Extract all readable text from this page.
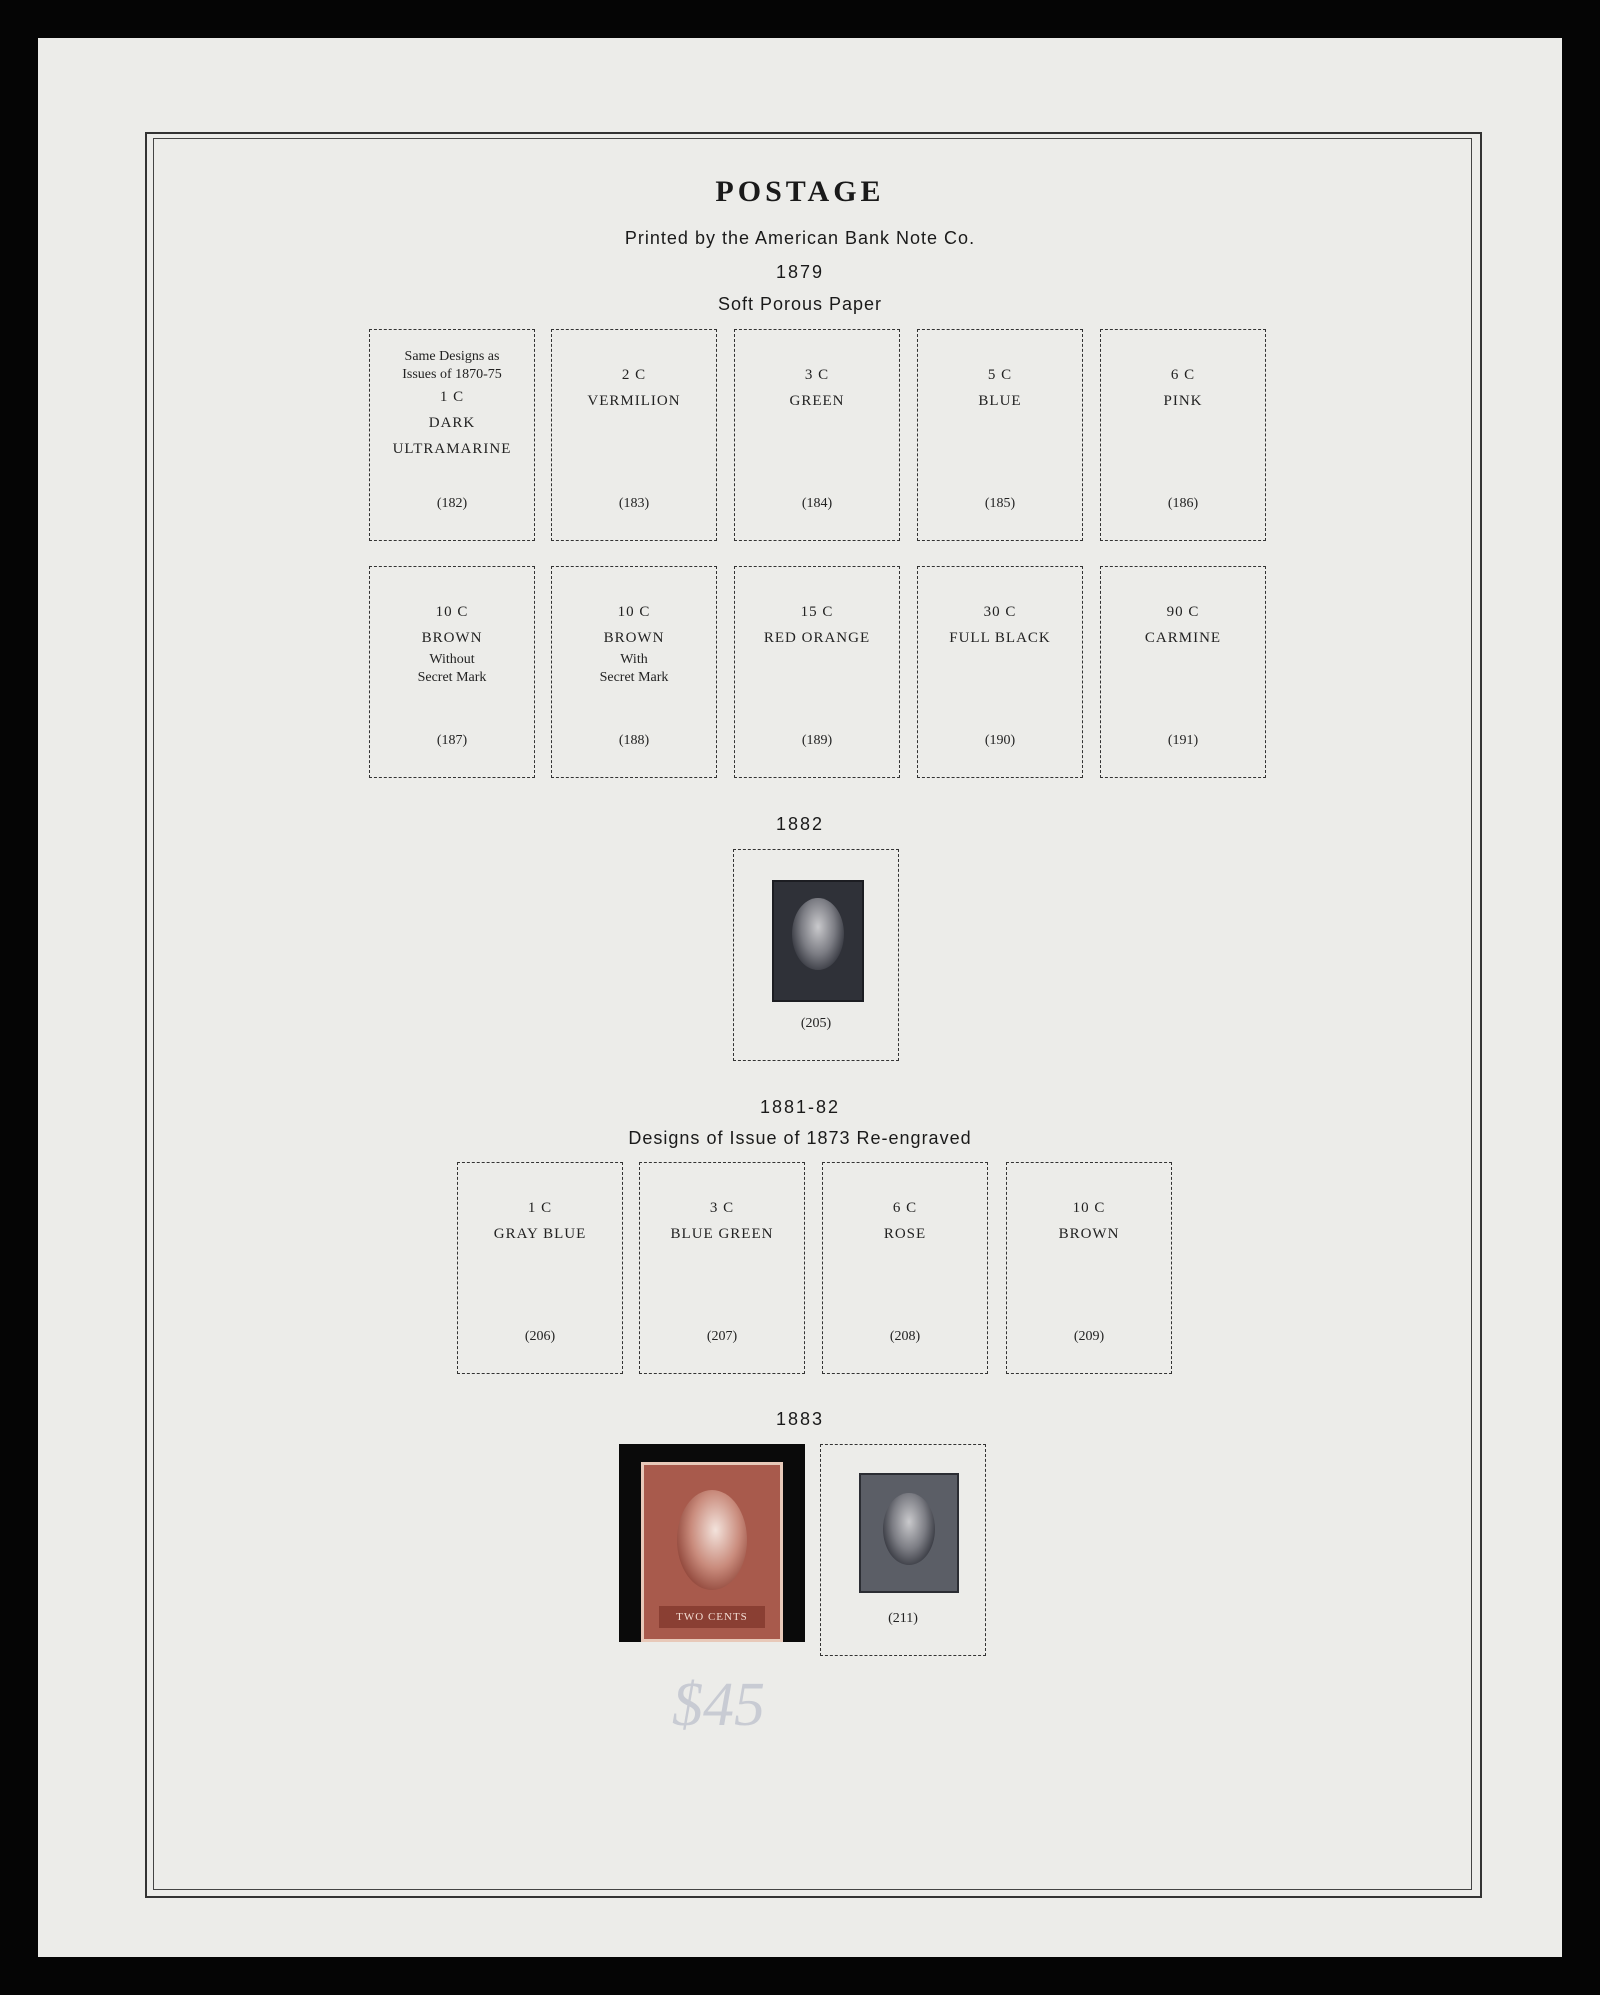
POSTAGE
Printed by the American Bank Note Co.
1879
Soft Porous Paper
Same Designs as
Issues of 1870-75
1 C
DARK
ULTRAMARINE
(182)
2 C
VERMILION
(183)
3 C
GREEN
(184)
5 C
BLUE
(185)
6 C
PINK
(186)
10 C
BROWN
Without
Secret Mark
(187)
10 C
BROWN
With
Secret Mark
(188)
15 C
RED ORANGE
(189)
30 C
FULL BLACK
(190)
90 C
CARMINE
(191)
1882
(205)
1881-82
Designs of Issue of 1873 Re-engraved
1 C
GRAY BLUE
(206)
3 C
BLUE GREEN
(207)
6 C
ROSE
(208)
10 C
BROWN
(209)
1883
TWO CENTS	(211)
$45
